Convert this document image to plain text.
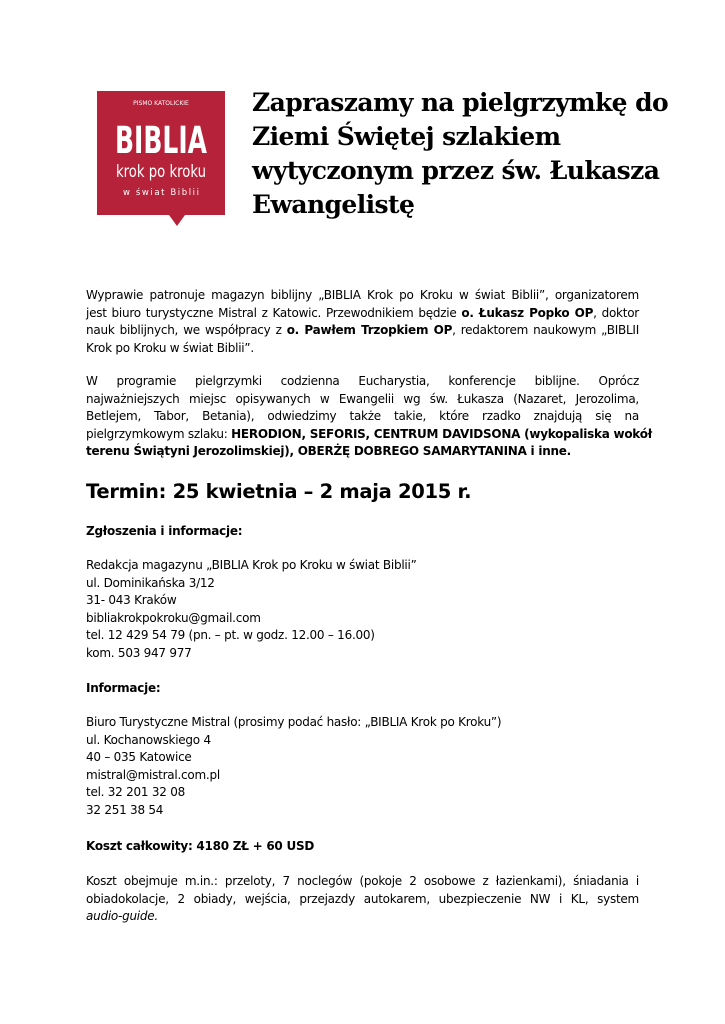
PISMO KATOLICKIE
BIBLIA
krok po kroku
w świat Biblii
Zapraszamy na pielgrzymkę do
Ziemi Świętej szlakiem
wytyczonym przez św. Łukasza
Ewangelistę
Wyprawie patronuje magazyn biblijny „BIBLIA Krok po Kroku w świat Biblii”, organizatorem
jest biuro turystyczne Mistral z Katowic. Przewodnikiem będzie o. Łukasz Popko OP, doktor
nauk biblijnych, we współpracy z o. Pawłem Trzopkiem OP, redaktorem naukowym „BIBLII
Krok po Kroku w świat Biblii”.
W programie pielgrzymki codzienna Eucharystia, konferencje biblijne. Oprócz
najważniejszych miejsc opisywanych w Ewangelii wg św. Łukasza (Nazaret, Jerozolima,
Betlejem, Tabor, Betania), odwiedzimy także takie, które rzadko znajdują się na
pielgrzymkowym szlaku: HERODION, SEFORIS, CENTRUM DAVIDSONA (wykopaliska wokół
terenu Świątyni Jerozolimskiej), OBERŻĘ DOBREGO SAMARYTANINA i inne.
Termin: 25 kwietnia – 2 maja 2015 r.
Zgłoszenia i informacje:
Redakcja magazynu „BIBLIA Krok po Kroku w świat Biblii”
ul. Dominikańska 3/12
31- 043 Kraków
bibliakrokpokroku@gmail.com
tel. 12 429 54 79 (pn. – pt. w godz. 12.00 – 16.00)
kom. 503 947 977
Informacje:
Biuro Turystyczne Mistral (prosimy podać hasło: „BIBLIA Krok po Kroku”)
ul. Kochanowskiego 4
40 – 035 Katowice
mistral@mistral.com.pl
tel. 32 201 32 08
32 251 38 54
Koszt całkowity: 4180 ZŁ + 60 USD
Koszt obejmuje m.in.: przeloty, 7 noclegów (pokoje 2 osobowe z łazienkami), śniadania i
obiadokolacje, 2 obiady, wejścia, przejazdy autokarem, ubezpieczenie NW i KL, system
audio-guide.
